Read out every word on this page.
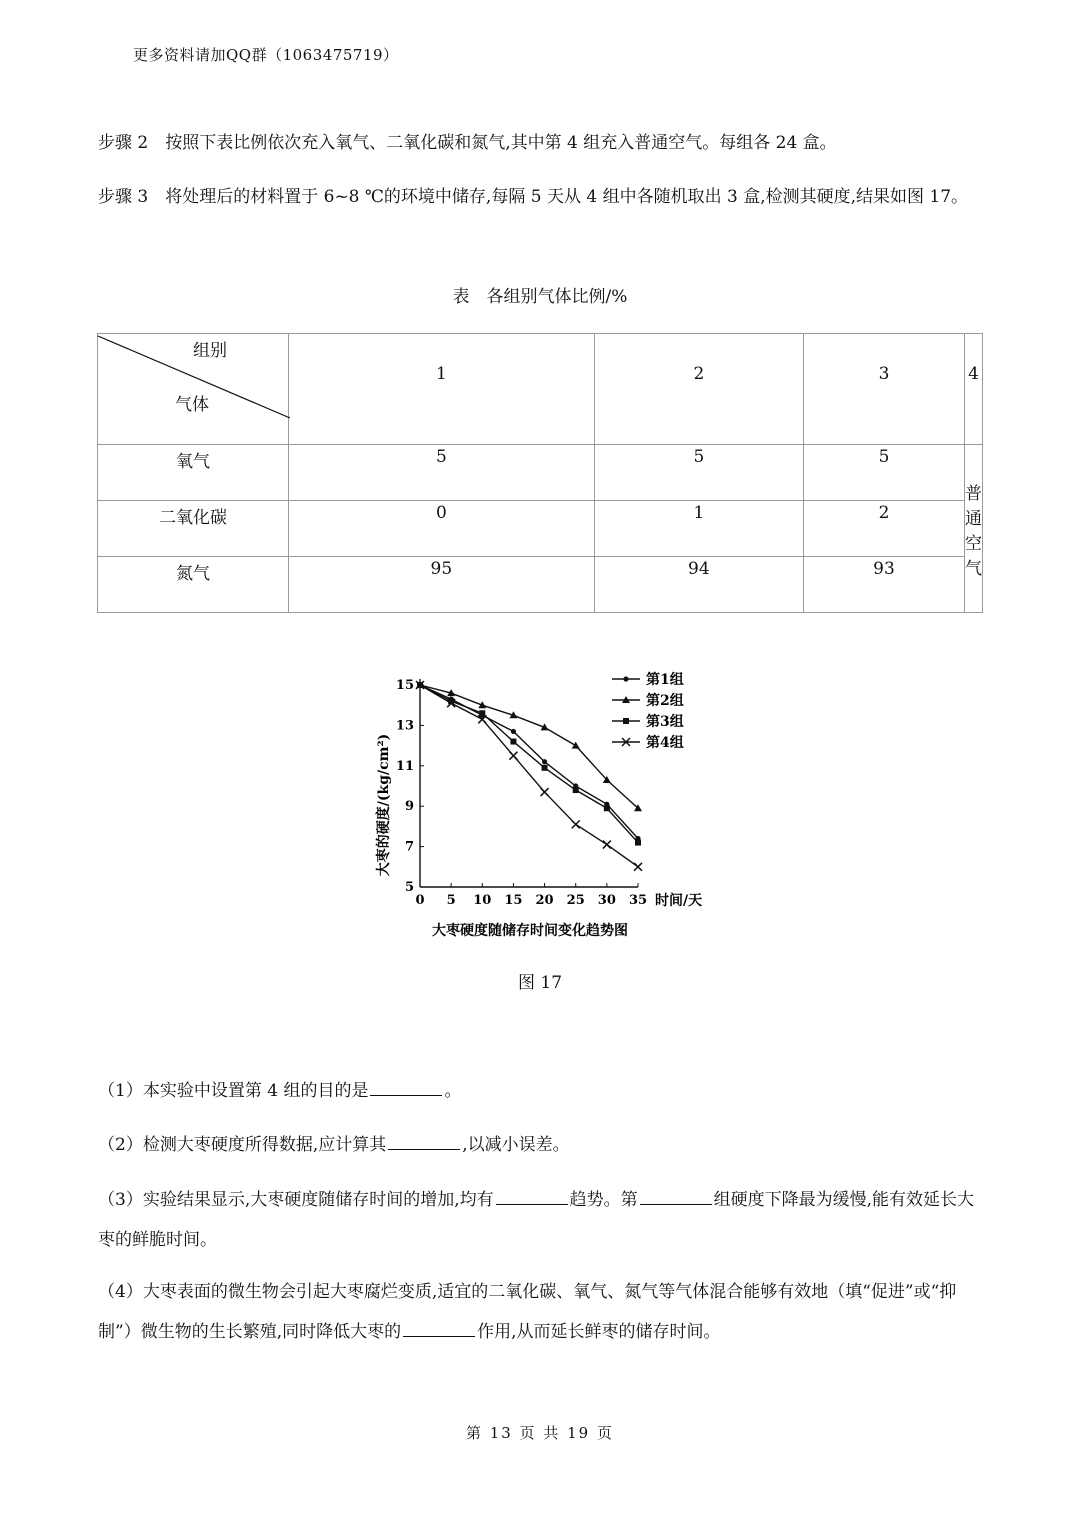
更多资料请加QQ群（1063475719）
步骤 2　按照下表比例依次充入氧气、二氧化碳和氮气,其中第 4 组充入普通空气。每组各 24 盒。
步骤 3　将处理后的材料置于 6~8 ℃的环境中储存,每隔 5 天从 4 组中各随机取出 3 盒,检测其硬度,结果如图 17。
表　各组别气体比例/%
组别
气体	1	2	3	4
氧气	5	5	5	普通空气
二氧化碳	0	1	2	
氮气	95	94	93	
0 5 10 15 20 25 30 35
5
7
9
11
13
15	第1组
第2组
第3组
第4组
大枣硬度随储存时间变化趋势图
时间/天
大枣的硬度/(kg/cm²)
图 17
（1）本实验中设置第 4 组的目的是	。
（2）检测大枣硬度所得数据,应计算其	,以减小误差。
（3）实验结果显示,大枣硬度随储存时间的增加,均有	趋势。第	组硬度下降最为缓慢,能有效延长大枣的鲜脆时间。
（4）大枣表面的微生物会引起大枣腐烂变质,适宜的二氧化碳、氧气、氮气等气体混合能够有效地（填“促进”或“抑制”）微生物的生长繁殖,同时降低大枣的	作用,从而延长鲜枣的储存时间。
第 13 页 共 19 页
